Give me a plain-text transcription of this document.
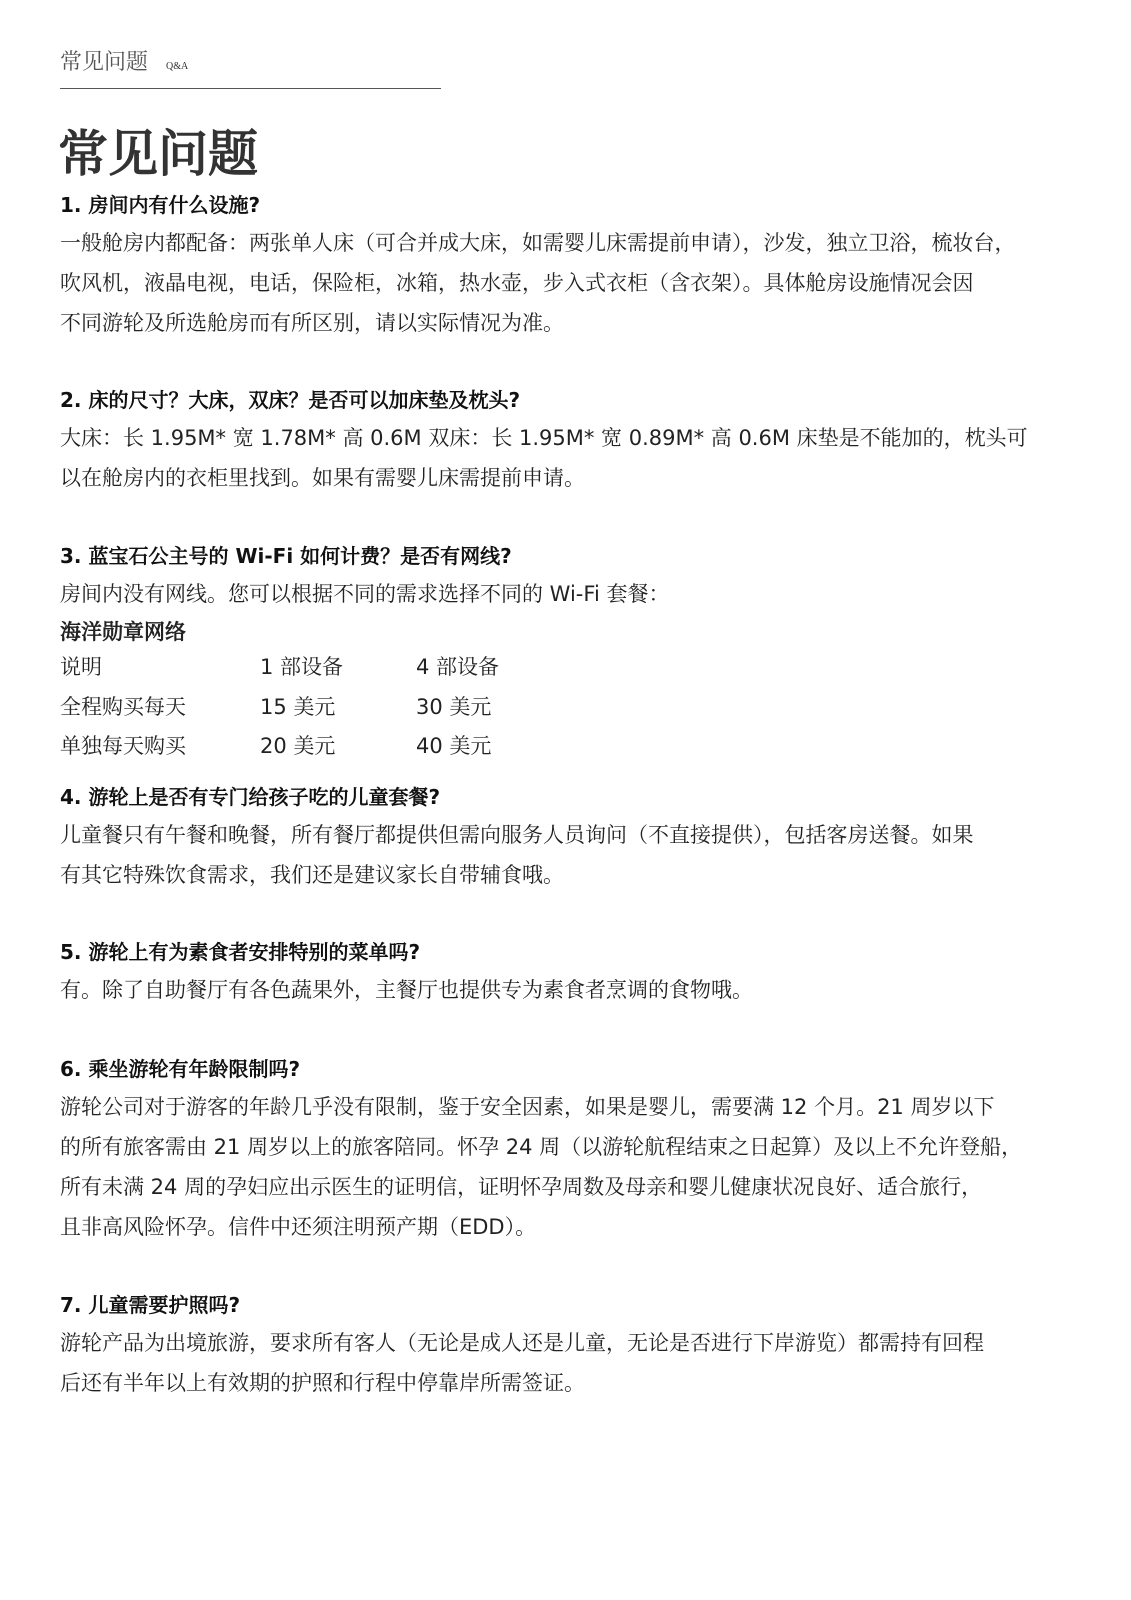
常见问题 Q&A
常见问题
1. 房间内有什么设施?

一般舱房内都配备：两张单人床（可合并成大床，如需婴儿床需提前申请），沙发，独立卫浴，梳妆台，

吹风机，液晶电视，电话，保险柜，冰箱，热水壶，步入式衣柜（含衣架）。具体舱房设施情况会因

不同游轮及所选舱房而有所区别，请以实际情况为准。

2. 床的尺寸？大床，双床？是否可以加床垫及枕头?

大床：长 1.95M* 宽 1.78M* 高 0.6M 双床：长 1.95M* 宽 0.89M* 高 0.6M 床垫是不能加的，枕头可

以在舱房内的衣柜里找到。如果有需婴儿床需提前申请。

3. 蓝宝石公主号的 Wi-Fi 如何计费？是否有网线?

房间内没有网线。您可以根据不同的需求选择不同的 Wi-Fi 套餐：

海洋勋章网络
说明	1 部设备	4 部设备
全程购买每天	15 美元	30 美元
单独每天购买	20 美元	40 美元
4. 游轮上是否有专门给孩子吃的儿童套餐?

儿童餐只有午餐和晚餐，所有餐厅都提供但需向服务人员询问（不直接提供），包括客房送餐。如果

有其它特殊饮食需求，我们还是建议家长自带辅食哦。

5. 游轮上有为素食者安排特别的菜单吗?

有。除了自助餐厅有各色蔬果外，主餐厅也提供专为素食者烹调的食物哦。

6. 乘坐游轮有年龄限制吗?

游轮公司对于游客的年龄几乎没有限制，鉴于安全因素，如果是婴儿，需要满 12 个月。21 周岁以下

的所有旅客需由 21 周岁以上的旅客陪同。怀孕 24 周（以游轮航程结束之日起算）及以上不允许登船，

所有未满 24 周的孕妇应出示医生的证明信，证明怀孕周数及母亲和婴儿健康状况良好、适合旅行，

且非高风险怀孕。信件中还须注明预产期（EDD）。

7. 儿童需要护照吗?

游轮产品为出境旅游，要求所有客人（无论是成人还是儿童，无论是否进行下岸游览）都需持有回程

后还有半年以上有效期的护照和行程中停靠岸所需签证。
